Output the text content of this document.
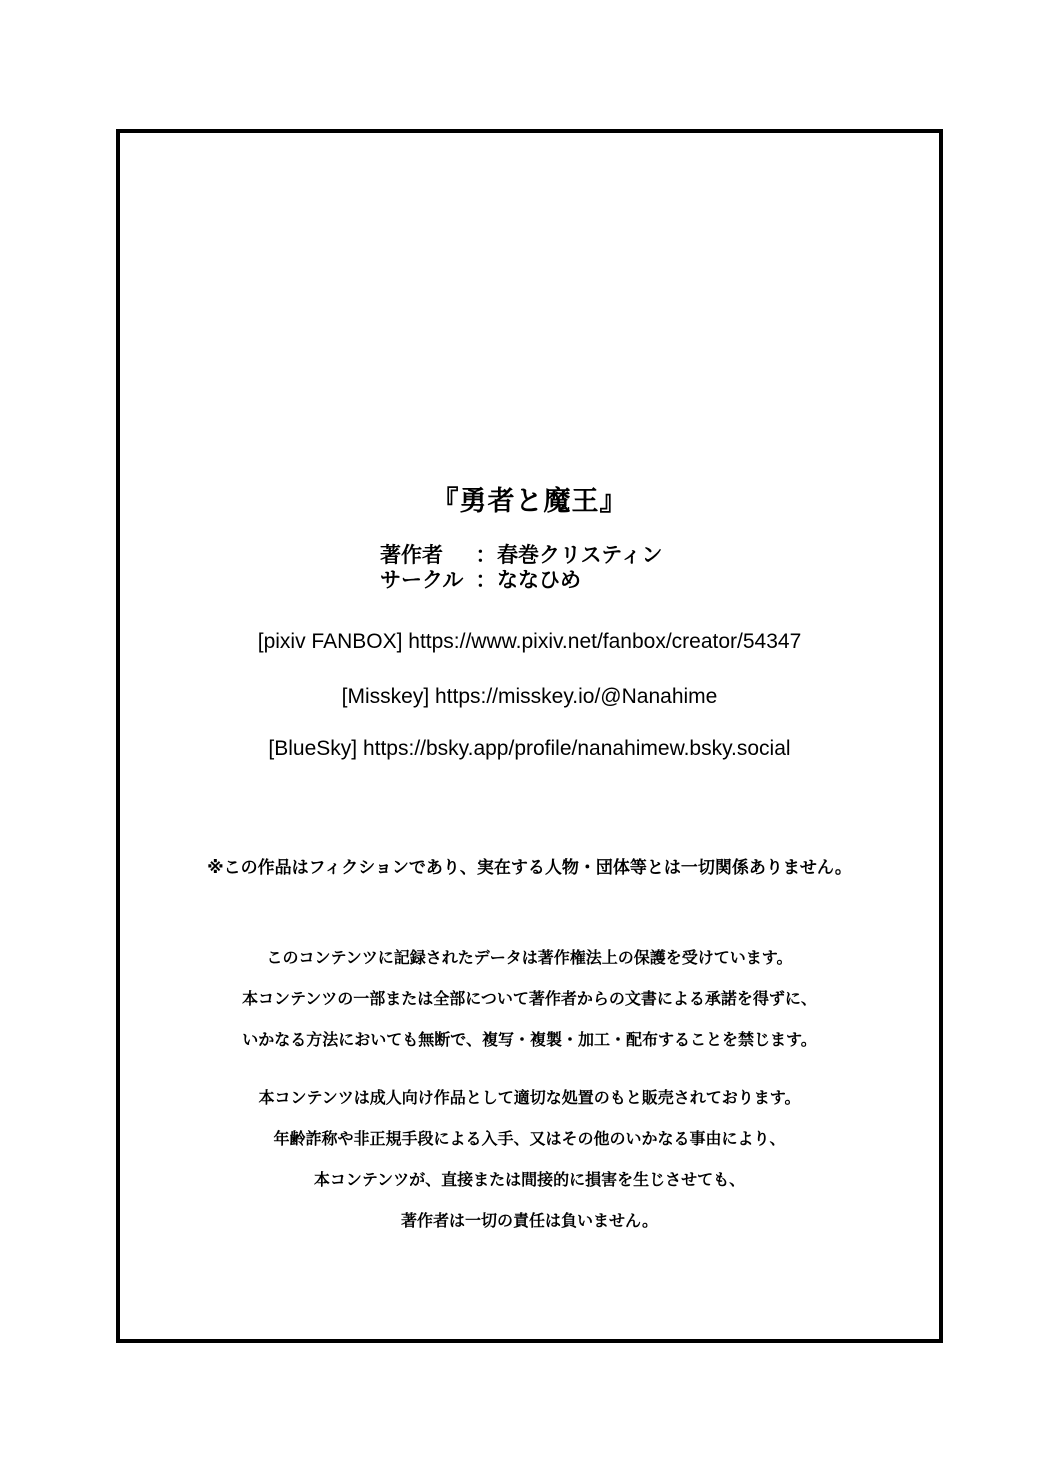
『勇者と魔王』
著作者	： 春巻クリスティン
サークル ： ななひめ
[pixiv FANBOX] https://www.pixiv.net/fanbox/creator/54347
[Misskey] https://misskey.io/@Nanahime
[BlueSky] https://bsky.app/profile/nanahimew.bsky.social
※この作品はフィクションであり、実在する人物・団体等とは一切関係ありません。
このコンテンツに記録されたデータは著作権法上の保護を受けています。
本コンテンツの一部または全部について著作者からの文書による承諾を得ずに、
いかなる方法においても無断で、複写・複製・加工・配布することを禁じます。
本コンテンツは成人向け作品として適切な処置のもと販売されております。
年齢詐称や非正規手段による入手、又はその他のいかなる事由により、
本コンテンツが、直接または間接的に損害を生じさせても、
著作者は一切の責任は負いません。
